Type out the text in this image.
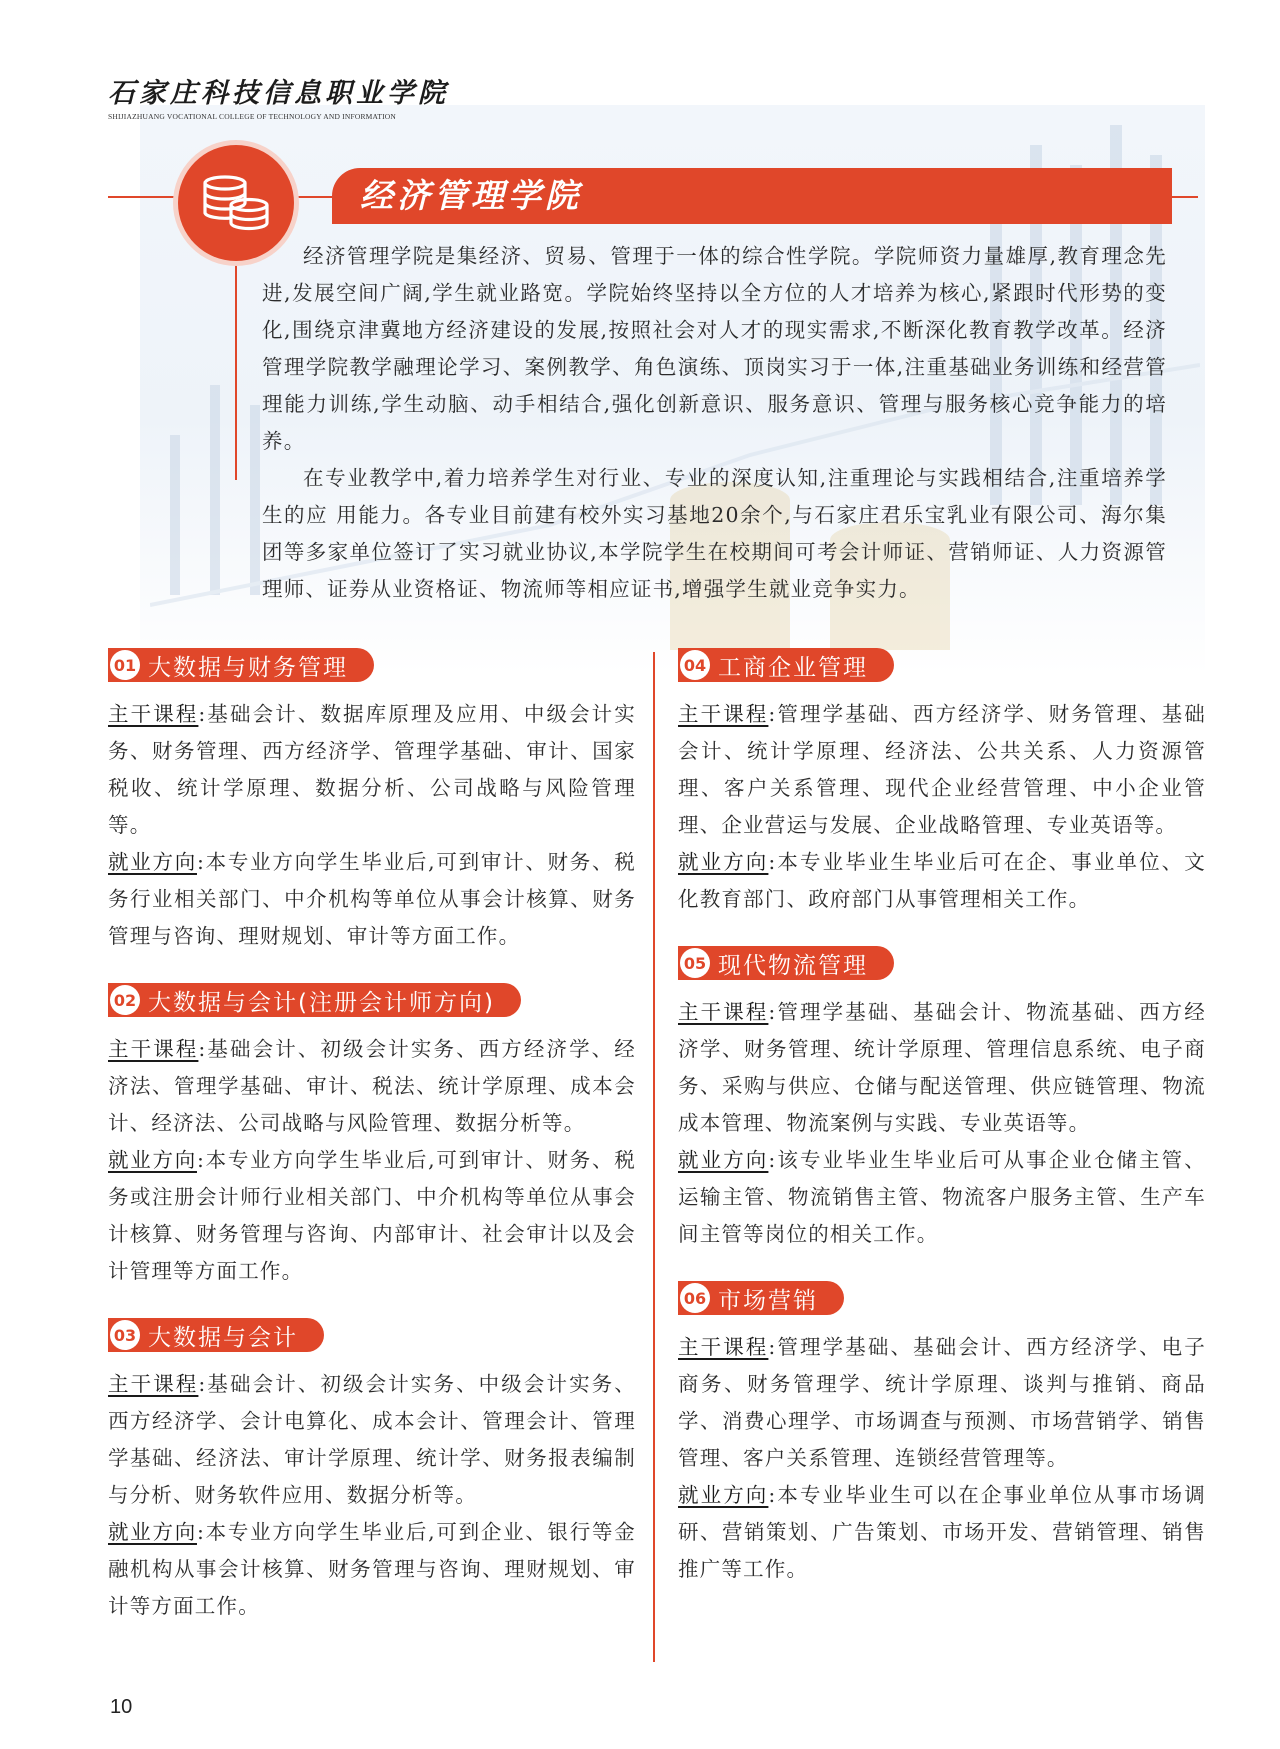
石家庄科技信息职业学院
SHIJIAZHUANG VOCATIONAL COLLEGE OF TECHNOLOGY AND INFORMATION
经济管理学院

经济管理学院是集经济、贸易、管理于一体的综合性学院。学院师资力量雄厚,教育理念先进,发展空间广阔,学生就业路宽。学院始终坚持以全方位的人才培养为核心,紧跟时代形势的变化,围绕京津冀地方经济建设的发展,按照社会对人才的现实需求,不断深化教育教学改革。经济管理学院教学融理论学习、案例教学、角色演练、顶岗实习于一体,注重基础业务训练和经营管 理能力训练,学生动脑、动手相结合,强化创新意识、服务意识、管理与服务核心竞争能力的培养。

在专业教学中,着力培养学生对行业、专业的深度认知,注重理论与实践相结合,注重培养学生的应 用能力。各专业目前建有校外实习基地20余个,与石家庄君乐宝乳业有限公司、海尔集团等多家单位签订了实习就业协议,本学院学生在校期间可考会计师证、营销师证、人力资源管理师、证券从业资格证、物流师等相应证书,增强学生就业竞争实力。

01 大数据与财务管理

主干课程:基础会计、数据库原理及应用、中级会计实务、财务管理、西方经济学、管理学基础、审计、国家税收、统计学原理、数据分析、公司战略与风险管理等。

就业方向:本专业方向学生毕业后,可到审计、财务、税务行业相关部门、中介机构等单位从事会计核算、财务管理与咨询、理财规划、审计等方面工作。

02 大数据与会计(注册会计师方向)

主干课程:基础会计、初级会计实务、西方经济学、经济法、管理学基础、审计、税法、统计学原理、成本会计、经济法、公司战略与风险管理、数据分析等。

就业方向:本专业方向学生毕业后,可到审计、财务、税务或注册会计师行业相关部门、中介机构等单位从事会计核算、财务管理与咨询、内部审计、社会审计以及会计管理等方面工作。

03 大数据与会计

主干课程:基础会计、初级会计实务、中级会计实务、西方经济学、会计电算化、成本会计、管理会计、管理学基础、经济法、审计学原理、统计学、财务报表编制与分析、财务软件应用、数据分析等。

就业方向:本专业方向学生毕业后,可到企业、银行等金融机构从事会计核算、财务管理与咨询、理财规划、审计等方面工作。

04 工商企业管理

主干课程:管理学基础、西方经济学、财务管理、基础会计、统计学原理、经济法、公共关系、人力资源管理、客户关系管理、现代企业经营管理、中小企业管理、企业营运与发展、企业战略管理、专业英语等。

就业方向:本专业毕业生毕业后可在企、事业单位、文化教育部门、政府部门从事管理相关工作。

05 现代物流管理

主干课程:管理学基础、基础会计、物流基础、西方经济学、财务管理、统计学原理、管理信息系统、电子商务、采购与供应、仓储与配送管理、供应链管理、物流成本管理、物流案例与实践、专业英语等。

就业方向:该专业毕业生毕业后可从事企业仓储主管、运输主管、物流销售主管、物流客户服务主管、生产车间主管等岗位的相关工作。

06 市场营销

主干课程:管理学基础、基础会计、西方经济学、电子商务、财务管理学、统计学原理、谈判与推销、商品学、消费心理学、市场调查与预测、市场营销学、销售管理、客户关系管理、连锁经营管理等。

就业方向:本专业毕业生可以在企事业单位从事市场调研、营销策划、广告策划、市场开发、营销管理、销售推广等工作。

10
